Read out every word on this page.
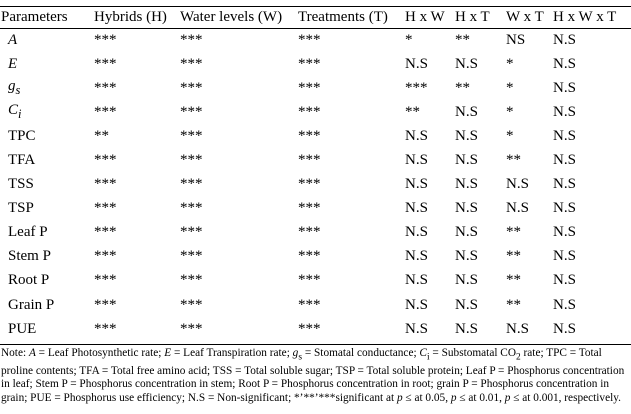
Parameters	Hybrids (H)	Water levels (W)	Treatments (T)	H x W	H x T	W x T	H x W x T
A	***	***	***	*	**	NS	N.S
E	***	***	***	N.S	N.S	*	N.S
$g_s$	***	***	***	***	**	*	N.S
$C_i$	***	***	***	**	N.S	*	N.S
TPC	**	***	***	N.S	N.S	*	N.S
TFA	***	***	***	N.S	N.S	**	N.S
TSS	***	***	***	N.S	N.S	N.S	N.S
TSP	***	***	***	N.S	N.S	N.S	N.S
Leaf P	***	***	***	N.S	N.S	**	N.S
Stem P	***	***	***	N.S	N.S	**	N.S
Root P	***	***	***	N.S	N.S	**	N.S
Grain P	***	***	***	N.S	N.S	**	N.S
PUE	***	***	***	N.S	N.S	N.S	N.S
Note: A = Leaf Photosynthetic rate; E = Leaf Transpiration rate; $g_s$ = Stomatal conductance; $C_i$ = Substomatal $CO_2$ rate; TPC = Total proline contents; TFA = Total free amino acid; TSS = Total soluble sugar; TSP = Total soluble protein; Leaf P = Phosphorus concentration in leaf; Stem P = Phosphorus concentration in stem; Root P = Phosphorus concentration in root; grain P = Phosphorus concentration in grain; PUE = Phosphorus use efficiency; N.S = Non-significant; *’**’***significant at p ≤ at 0.05, p ≤ at 0.01, p ≤ at 0.001, respectively.
